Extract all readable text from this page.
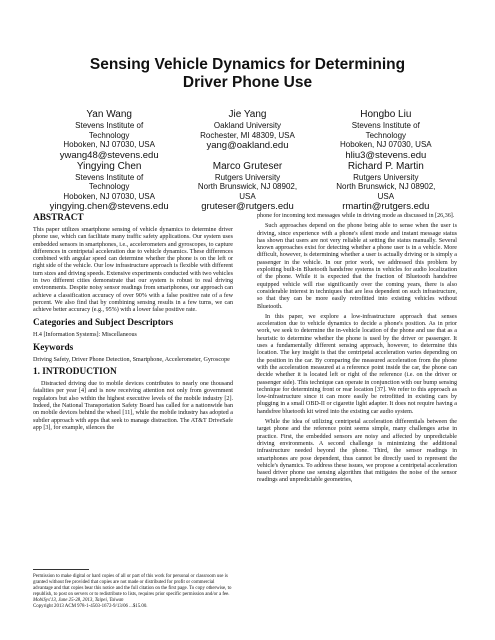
Sensing Vehicle Dynamics for Determining
Driver Phone Use
Yan Wang
Stevens Institute of
Technology
Hoboken, NJ 07030, USA
ywang48@stevens.edu
Jie Yang
Oakland University
Rochester, MI 48309, USA
yang@oakland.edu
Hongbo Liu
Stevens Institute of
Technology
Hoboken, NJ 07030, USA
hliu3@stevens.edu
Yingying Chen
Stevens Institute of
Technology
Hoboken, NJ 07030, USA
yingying.chen@stevens.edu
Marco Gruteser
Rutgers University
North Brunswick, NJ 08902,
USA
gruteser@rutgers.edu
Richard P. Martin
Rutgers University
North Brunswick, NJ 08902,
USA
rmartin@rutgers.edu
ABSTRACT

This paper utilizes smartphone sensing of vehicle dynamics to determine driver phone use, which can facilitate many traffic safety applications. Our system uses embedded sensors in smartphones, i.e., accelerometers and gyroscopes, to capture differences in centripetal acceleration due to vehicle dynamics. These differences combined with angular speed can determine whether the phone is on the left or right side of the vehicle. Our low infrastructure approach is flexible with different turn sizes and driving speeds. Extensive experiments conducted with two vehicles in two different cities demonstrate that our system is robust to real driving environments. Despite noisy sensor readings from smartphones, our approach can achieve a classification accuracy of over 90% with a false positive rate of a few percent. We also find that by combining sensing results in a few turns, we can achieve better accuracy (e.g., 95%) with a lower false positive rate.

Categories and Subject Descriptors

H.4 [Information Systems]: Miscellaneous

Keywords

Driving Safety, Driver Phone Detection, Smartphone, Accelerometer, Gyroscope

1. INTRODUCTION

Distracted driving due to mobile devices contributes to nearly one thousand fatalities per year [4] and is now receiving attention not only from government regulators but also within the highest executive levels of the mobile industry [2]. Indeed, the National Transportation Safety Board has called for a nationwide ban on mobile devices behind the wheel [11], while the mobile industry has adopted a subtler approach with apps that seek to manage distraction. The AT&T DriveSafe app [3], for example, silences the

Permission to make digital or hard copies of all or part of this work for personal or classroom use is granted without fee provided that copies are not made or distributed for profit or commercial advantage and that copies bear this notice and the full citation on the first page. To copy otherwise, to republish, to post on servers or to redistribute to lists, requires prior specific permission and/or a fee.
MobiSys'13, June 25-28, 2013, Taipei, Taiwan
Copyright 2013 ACM 978-1-4503-1672-9/13/06 ...$15.00.

phone for incoming text messages while in driving mode as discussed in [26,36].

Such approaches depend on the phone being able to sense when the user is driving, since experience with a phone's silent mode and instant message status has shown that users are not very reliable at setting the status manually. Several known approaches exist for detecting whether a phone user is in a vehicle. More difficult, however, is determining whether a user is actually driving or is simply a passenger in the vehicle. In our prior work, we addressed this problem by exploiting built-in Bluetooth handsfree systems in vehicles for audio localization of the phone. While it is expected that the fraction of Bluetooth handsfree equipped vehicle will rise significantly over the coming years, there is also considerable interest in techniques that are less dependent on such infrastructure, so that they can be more easily retrofitted into existing vehicles without Bluetooth.

In this paper, we explore a low-infrastructure approach that senses acceleration due to vehicle dynamics to decide a phone's position. As in prior work, we seek to determine the in-vehicle location of the phone and use that as a heuristic to determine whether the phone is used by the driver or passenger. It uses a fundamentally different sensing approach, however, to determine this location. The key insight is that the centripetal acceleration varies depending on the position in the car. By comparing the measured acceleration from the phone with the acceleration measured at a reference point inside the car, the phone can decide whether it is located left or right of the reference (i.e. on the driver or passenger side). This technique can operate in conjunction with our bump sensing technique for determining front or rear location [37]. We refer to this approach as low-infrastructure since it can more easily be retrofitted in existing cars by plugging in a small OBD-II or cigarette light adapter. It does not require having a handsfree bluetooth kit wired into the existing car audio system.

While the idea of utilizing centripetal acceleration differentials between the target phone and the reference point seems simple, many challenges arise in practice. First, the embedded sensors are noisy and affected by unpredictable driving environments. A second challenge is minimizing the additional infrastructure needed beyond the phone. Third, the sensor readings in smartphones are pose dependent, thus cannot be directly used to represent the vehicle's dynamics. To address these issues, we propose a centripetal acceleration based driver phone use sensing algorithm that mitigates the noise of the sensor readings and unpredictable geometries,
